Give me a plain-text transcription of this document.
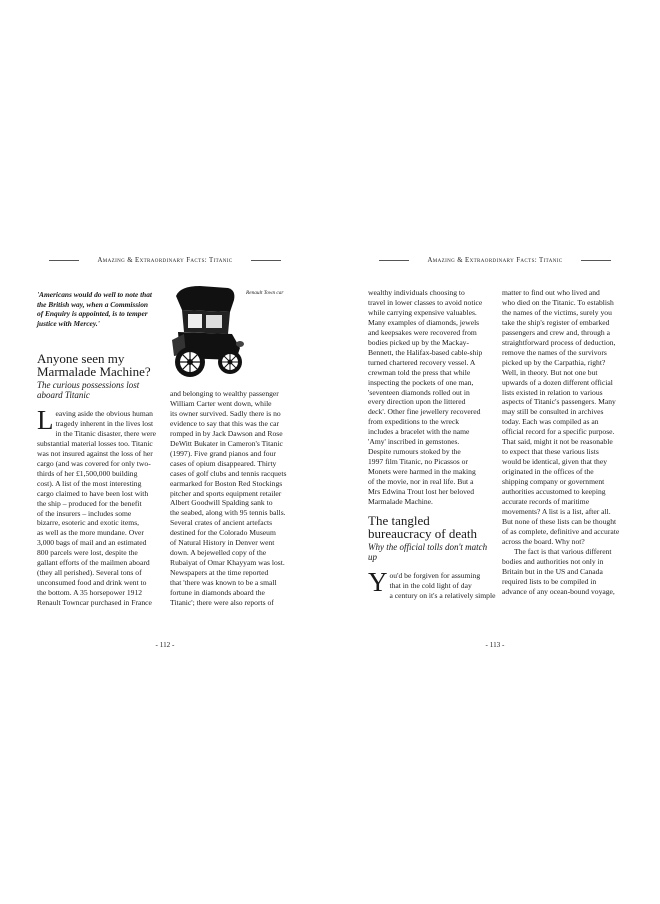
Amazing & Extraordinary Facts: Titanic
'Americans would do well to note that the British way, when a Commission of Enquiry is appointed, is to temper justice with Mercey.'
Renault Town car
Anyone seen my Marmalade Machine?
The curious possessions lost aboard Titanic
L eaving aside the obvious human
tragedy inherent in the lives lost
in the Titanic disaster, there were
substantial material losses too. Titanic
was not insured against the loss of her
cargo (and was covered for only two-
thirds of her £1,500,000 building
cost). A list of the most interesting
cargo claimed to have been lost with
the ship – produced for the benefit
of the insurers – includes some
bizarre, esoteric and exotic items,
as well as the more mundane. Over
3,000 bags of mail and an estimated
800 parcels were lost, despite the
gallant efforts of the mailmen aboard
(they all perished). Several tons of
unconsumed food and drink went to
the bottom. A 35 horsepower 1912
Renault Towncar purchased in France
and belonging to wealthy passenger
William Carter went down, while
its owner survived. Sadly there is no
evidence to say that this was the car
romped in by Jack Dawson and Rose
DeWitt Bukater in Cameron's Titanic
(1997). Five grand pianos and four
cases of opium disappeared. Thirty
cases of golf clubs and tennis racquets
earmarked for Boston Red Stockings
pitcher and sports equipment retailer
Albert Goodwill Spalding sank to
the seabed, along with 95 tennis balls.
Several crates of ancient artefacts
destined for the Colorado Museum
of Natural History in Denver went
down. A bejewelled copy of the
Rubaiyat of Omar Khayyam was lost.
Newspapers at the time reported
that 'there was known to be a small
fortune in diamonds aboard the
Titanic'; there were also reports of
- 112 -
Amazing & Extraordinary Facts: Titanic
wealthy individuals choosing to
travel in lower classes to avoid notice
while carrying expensive valuables.
Many examples of diamonds, jewels
and keepsakes were recovered from
bodies picked up by the Mackay-
Bennett, the Halifax-based cable-ship
turned chartered recovery vessel. A
crewman told the press that while
inspecting the pockets of one man,
'seventeen diamonds rolled out in
every direction upon the littered
deck'. Other fine jewellery recovered
from expeditions to the wreck
includes a bracelet with the name
'Amy' inscribed in gemstones.
Despite rumours stoked by the
1997 film Titanic, no Picassos or
Monets were harmed in the making
of the movie, nor in real life. But a
Mrs Edwina Trout lost her beloved
Marmalade Machine.
The tangled bureaucracy of death
Why the official tolls don't match up
Y ou'd be forgiven for assuming
that in the cold light of day
a century on it's a relatively simple
matter to find out who lived and
who died on the Titanic. To establish
the names of the victims, surely you
take the ship's register of embarked
passengers and crew and, through a
straightforward process of deduction,
remove the names of the survivors
picked up by the Carpathia, right?
Well, in theory. But not one but
upwards of a dozen different official
lists existed in relation to various
aspects of Titanic's passengers. Many
may still be consulted in archives
today. Each was compiled as an
official record for a specific purpose.
That said, might it not be reasonable
to expect that these various lists
would be identical, given that they
originated in the offices of the
shipping company or government
authorities accustomed to keeping
accurate records of maritime
movements? A list is a list, after all.
But none of these lists can be thought
of as complete, definitive and accurate
across the board. Why not?
The fact is that various different
bodies and authorities not only in
Britain but in the US and Canada
required lists to be compiled in
advance of any ocean-bound voyage,
- 113 -
